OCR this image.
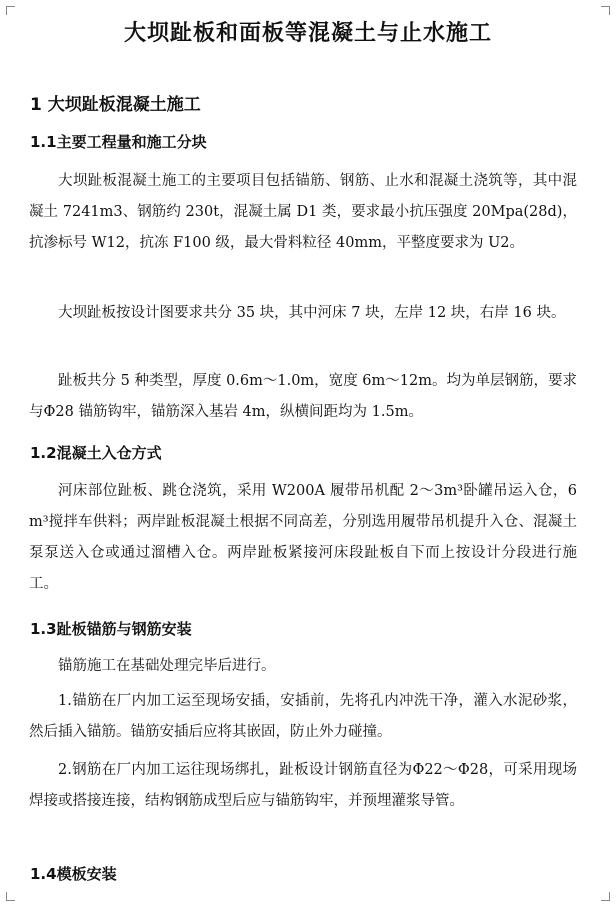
大坝趾板和面板等混凝土与止水施工
1 大坝趾板混凝土施工
1.1主要工程量和施工分块

大坝趾板混凝土施工的主要项目包括锚筋、钢筋、止水和混凝土浇筑等，其中混凝土 7241m3、钢筋约 230t，混凝土属 D1 类，要求最小抗压强度 20Mpa(28d)，抗渗标号 W12，抗冻 F100 级，最大骨料粒径 40mm，平整度要求为 U2。

大坝趾板按设计图要求共分 35 块，其中河床 7 块，左岸 12 块，右岸 16 块。

趾板共分 5 种类型，厚度 0.6m～1.0m，宽度 6m～12m。均为单层钢筋，要求与Φ28 锚筋钩牢，锚筋深入基岩 4m，纵横间距均为 1.5m。

1.2混凝土入仓方式

河床部位趾板、跳仓浇筑，采用 W200A 履带吊机配 2～3m³卧罐吊运入仓，6 m³搅拌车供料；两岸趾板混凝土根据不同高差，分别选用履带吊机提升入仓、混凝土泵泵送入仓或通过溜槽入仓。两岸趾板紧接河床段趾板自下而上按设计分段进行施工。

1.3趾板锚筋与钢筋安装

锚筋施工在基础处理完毕后进行。

1.锚筋在厂内加工运至现场安插，安插前，先将孔内冲洗干净，灌入水泥砂浆，然后插入锚筋。锚筋安插后应将其嵌固，防止外力碰撞。

2.钢筋在厂内加工运往现场绑扎，趾板设计钢筋直径为Φ22～Φ28，可采用现场焊接或搭接连接，结构钢筋成型后应与锚筋钩牢，并预埋灌浆导管。

1.4模板安装
